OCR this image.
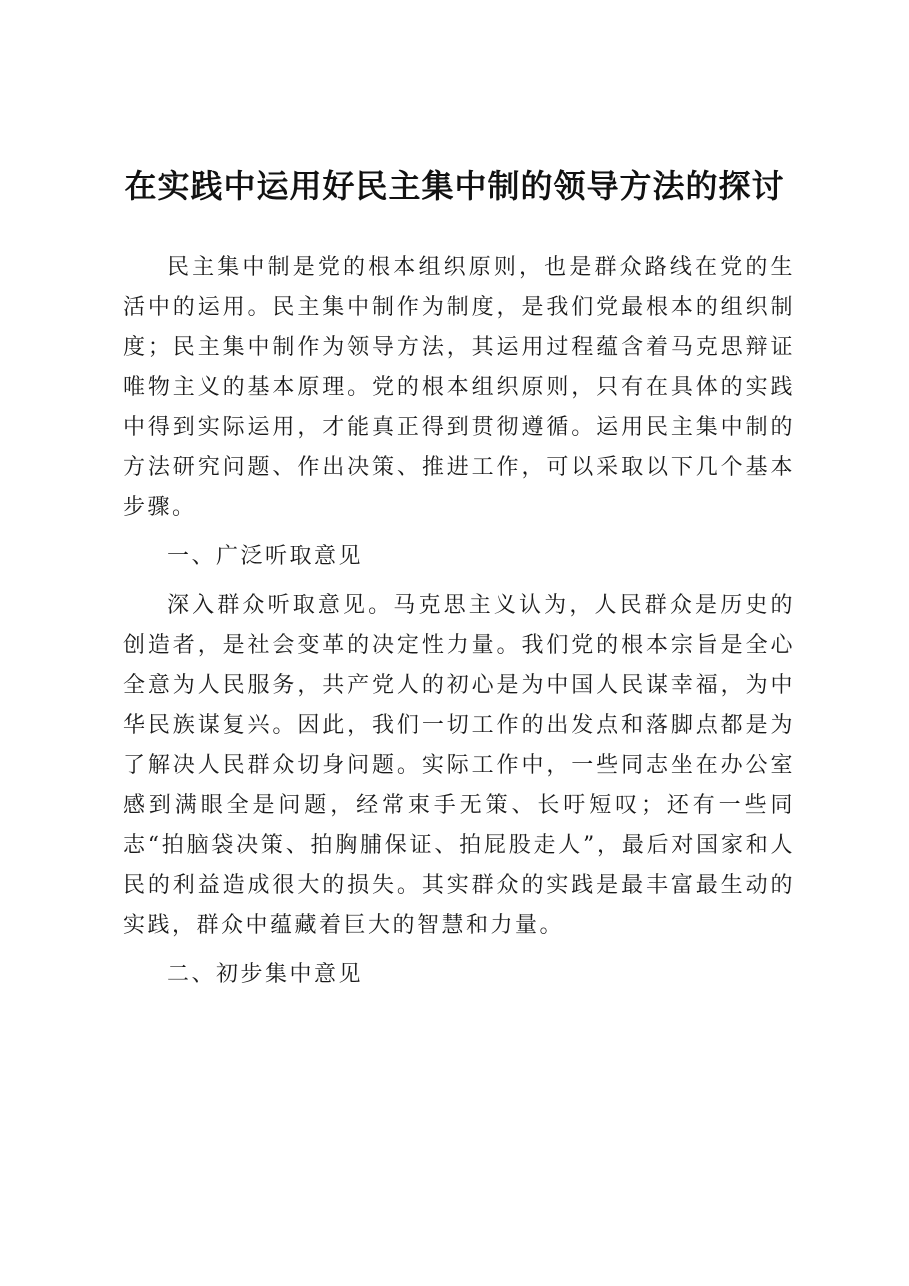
在实践中运用好民主集中制的领导方法的探讨

民主集中制是党的根本组织原则，也是群众路线在党的生活中的运用。民主集中制作为制度，是我们党最根本的组织制度；民主集中制作为领导方法，其运用过程蕴含着马克思辩证唯物主义的基本原理。党的根本组织原则，只有在具体的实践中得到实际运用，才能真正得到贯彻遵循。运用民主集中制的方法研究问题、作出决策、推进工作，可以采取以下几个基本步骤。

一、广泛听取意见

深入群众听取意见。马克思主义认为，人民群众是历史的创造者，是社会变革的决定性力量。我们党的根本宗旨是全心全意为人民服务，共产党人的初心是为中国人民谋幸福，为中华民族谋复兴。因此，我们一切工作的出发点和落脚点都是为了解决人民群众切身问题。实际工作中，一些同志坐在办公室感到满眼全是问题，经常束手无策、长吁短叹；还有一些同志“拍脑袋决策、拍胸脯保证、拍屁股走人”，最后对国家和人民的利益造成很大的损失。其实群众的实践是最丰富最生动的实践，群众中蕴藏着巨大的智慧和力量。

二、初步集中意见
